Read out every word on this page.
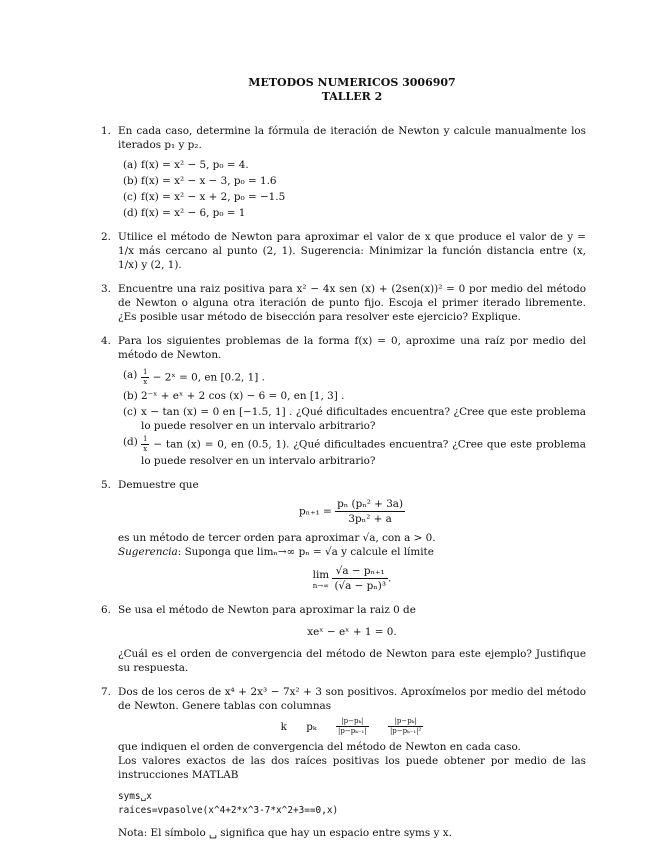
METODOS NUMERICOS 3006907
TALLER 2
1. En cada caso, determine la fórmula de iteración de Newton y calcule manualmente los iterados p₁ y p₂.
(a) f(x) = x² − 5, p₀ = 4.
(b) f(x) = x² − x − 3, p₀ = 1.6
(c) f(x) = x² − x + 2, p₀ = −1.5
(d) f(x) = x² − 6, p₀ = 1
2. Utilice el método de Newton para aproximar el valor de x que produce el valor de y = 1/x más cercano al punto (2, 1). Sugerencia: Minimizar la función distancia entre (x, 1/x) y (2, 1).
3. Encuentre una raiz positiva para x² − 4x sen (x) + (2sen(x))² = 0 por medio del método de Newton o alguna otra iteración de punto fijo. Escoja el primer iterado libremente. ¿Es posible usar método de bisección para resolver este ejercicio? Explique.
4. Para los siguientes problemas de la forma f(x) = 0, aproxime una raíz por medio del método de Newton.
$(a) \frac{1}{x}$ − 2ˣ = 0, en [0.2, 1] .
(b) 2⁻ˣ + eˣ + 2 cos (x) − 6 = 0, en [1, 3] .
(c) x − tan (x) = 0 en [−1.5, 1] . ¿Qué dificultades encuentra? ¿Cree que este problema lo puede resolver en un intervalo arbitrario?
$(d) \frac{1}{x} - \tan (x) = 0$, en (0.5, 1). ¿Qué dificultades encuentra? ¿Cree que este problema lo puede resolver en un intervalo arbitrario?
5. Demuestre que
$p_{n+1} = \frac{\text{pₙ (pₙ² + 3a)}}{\text{3pₙ² + a}}$
es un método de tercer orden para aproximar √a, con a > 0.
Sugerencia: Suponga que limₙ→∞ pₙ = √a y calcule el límite
lim
n→∞
$\frac{\text{√a − pₙ₊₁}}{\text{(√a − pₙ)³}}$ .
6. Se usa el método de Newton para aproximar la raiz 0 de
xeˣ − eˣ + 1 = 0.
¿Cuál es el orden de convergencia del método de Newton para este ejemplo? Justifique su respuesta.
7. Dos de los ceros de x⁴ + 2x³ − 7x² + 3 son positivos. Aproxímelos por medio del método de Newton. Genere tablas con columnas
k pₖ	$\frac{\text{|p−pₖ|}}{\text{|p−pₖ₋₁|}}$
	$\frac{\text{|p−pₖ|}}{\text{|p−pₖ₋₁|²}}$
que indiquen el orden de convergencia del método de Newton en cada caso.
Los valores exactos de las dos raíces positivas los puede obtener por medio de las instrucciones MATLAB
syms␣x
raices=vpasolve(x^4+2*x^3-7*x^2+3==0,x)
Nota: El símbolo ␣ significa que hay un espacio entre syms y x.
